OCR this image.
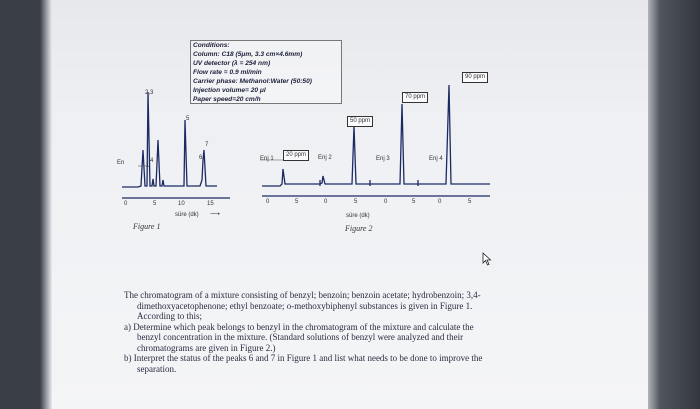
Conditions:
Column: C18 (5μm, 3.3 cm×4.6mm)
UV detector (λ = 254 nm)
Flow rate = 0.9 ml/min
Carrier phase: Methanol:Water (50:50)
Injection volume= 20 μl
Paper speed=20 cm/h
2,3
1
4
5
6
7
En
0	5	10	15
süre (dk) ⟶
Figure 1
20 ppm
50 ppm
70 ppm
90 ppm
Enj 1	Enj 2	Enj 3	Enj 4
0	5	0	5	0	5	0	5
süre (dk)
Figure 2

The chromatogram of a mixture consisting of benzyl; benzoin; benzoin acetate; hydrobenzoin; 3,4-

dimethoxyacetophenone; ethyl benzoate; o-methoxybiphenyl substances is given in Figure 1.

According to this;

a) Determine which peak belongs to benzyl in the chromatogram of the mixture and calculate the

benzyl concentration in the mixture. (Standard solutions of benzyl were analyzed and their

chromatograms are given in Figure 2.)

b) Interpret the status of the peaks 6 and 7 in Figure 1 and list what needs to be done to improve the

separation.
